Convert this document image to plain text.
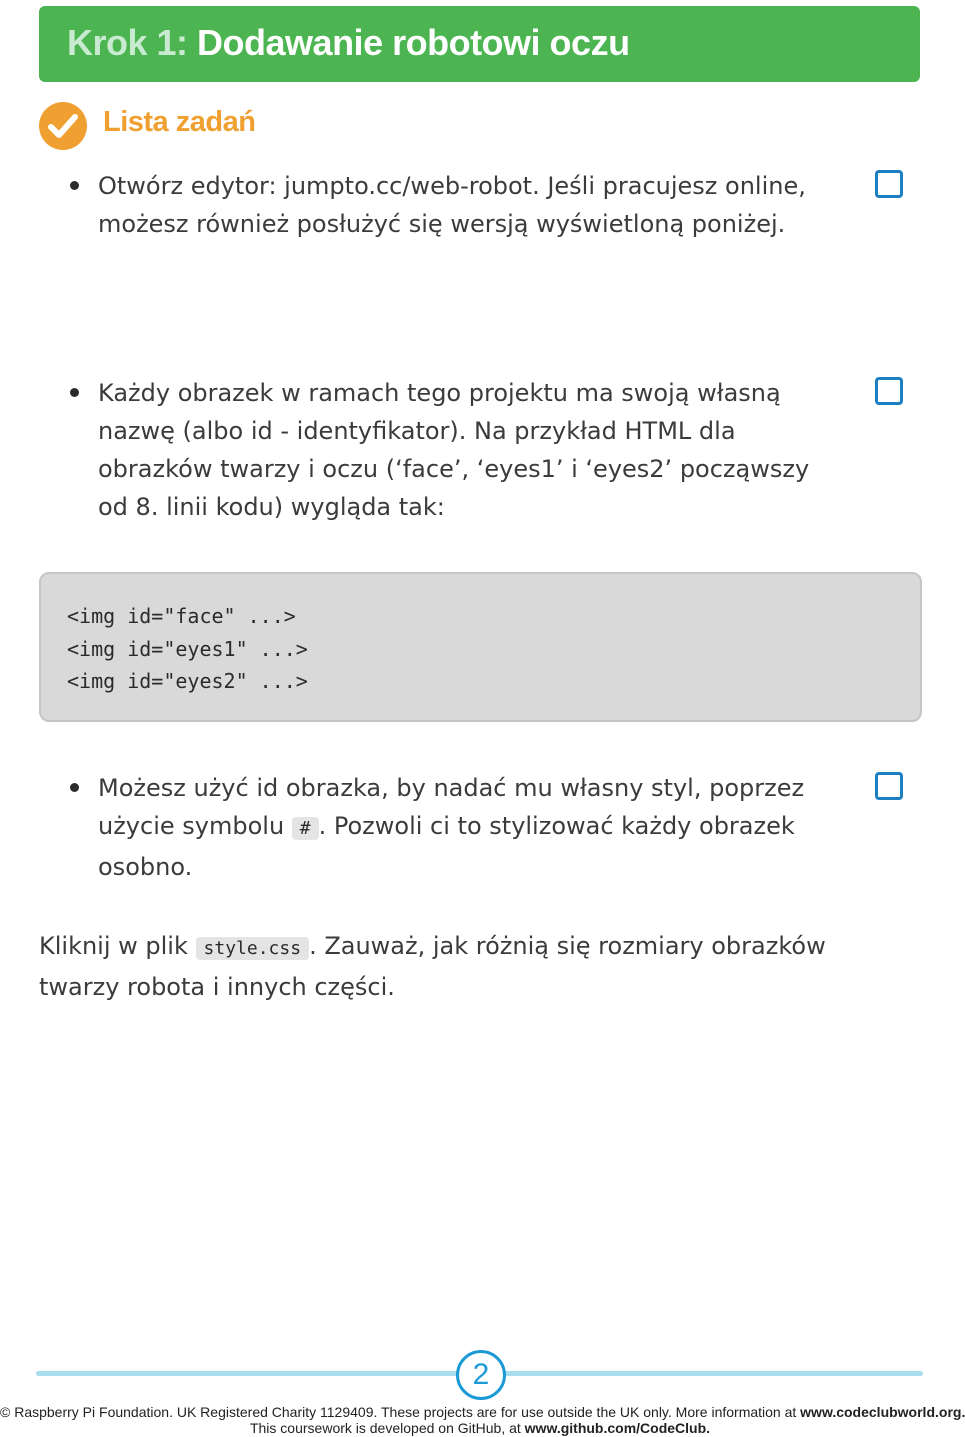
Krok 1: Dodawanie robotowi oczu
Lista zadań
Otwórz edytor: jumpto.cc/web-robot. Jeśli pracujesz online, możesz również posłużyć się wersją wyświetloną poniżej.
Każdy obrazek w ramach tego projektu ma swoją własną nazwę (albo id - identyfikator). Na przykład HTML dla obrazków twarzy i oczu (‘face’, ‘eyes1’ i ‘eyes2’ począwszy od 8. linii kodu) wygląda tak:
<img id="face" ...>
<img id="eyes1" ...>
<img id="eyes2" ...>
Możesz użyć id obrazka, by nadać mu własny styl, poprzez użycie symbolu # . Pozwoli ci to stylizować każdy obrazek osobno.
Kliknij w plik style.css . Zauważ, jak różnią się rozmiary obrazków twarzy robota i innych części.
2
© Raspberry Pi Foundation. UK Registered Charity 1129409. These projects are for use outside the UK only. More information at www.codeclubworld.org.
This coursework is developed on GitHub, at www.github.com/CodeClub.
